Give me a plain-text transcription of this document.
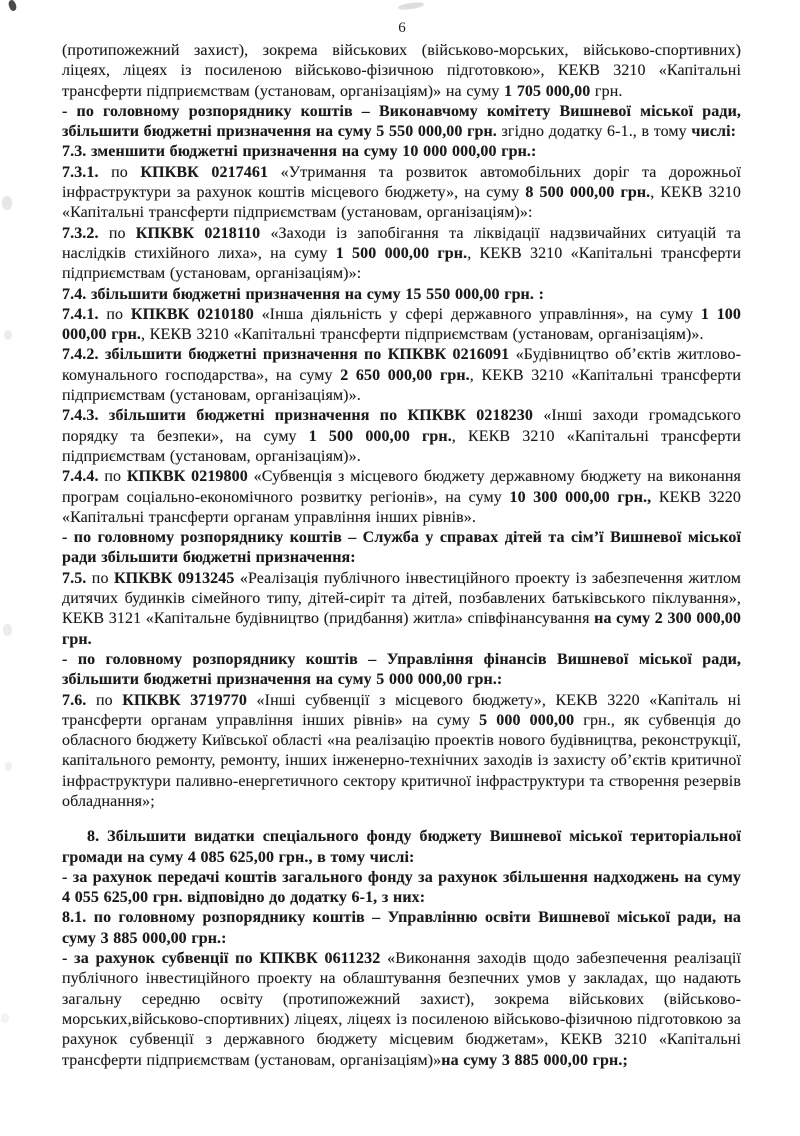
6

(протипожежний захист), зокрема військових (військово-морських, військово-спортивних) ліцеях, ліцеях із посиленою військово-фізичною підготовкою», КЕКВ 3210 «Капітальні трансферти підприємствам (установам, організаціям)» на суму 1 705 000,00 грн.

- по головному розпоряднику коштів – Виконавчому комітету Вишневої міської ради, збільшити бюджетні призначення на суму 5 550 000,00 грн. згідно додатку 6-1., в тому числі:

7.3. зменшити бюджетні призначення на суму 10 000 000,00 грн.:

7.3.1. по КПКВК 0217461 «Утримання та розвиток автомобільних доріг та дорожньої інфраструктури за рахунок коштів місцевого бюджету», на суму 8 500 000,00 грн., КЕКВ 3210 «Капітальні трансферти підприємствам (установам, організаціям)»:

7.3.2. по КПКВК 0218110 «Заходи із запобігання та ліквідації надзвичайних ситуацій та наслідків стихійного лиха», на суму 1 500 000,00 грн., КЕКВ 3210 «Капітальні трансферти підприємствам (установам, організаціям)»:

7.4. збільшити бюджетні призначення на суму 15 550 000,00 грн. :

7.4.1. по КПКВК 0210180 «Інша діяльність у сфері державного управління», на суму 1 100 000,00 грн., КЕКВ 3210 «Капітальні трансферти підприємствам (установам, організаціям)».

7.4.2. збільшити бюджетні призначення по КПКВК 0216091 «Будівництво об’єктів житлово-комунального господарства», на суму 2 650 000,00 грн., КЕКВ 3210 «Капітальні трансферти підприємствам (установам, організаціям)».

7.4.3. збільшити бюджетні призначення по КПКВК 0218230 «Інші заходи громадського порядку та безпеки», на суму 1 500 000,00 грн., КЕКВ 3210 «Капітальні трансферти підприємствам (установам, організаціям)».

7.4.4. по КПКВК 0219800 «Субвенція з місцевого бюджету державному бюджету на виконання програм соціально-економічного розвитку регіонів», на суму 10 300 000,00 грн., КЕКВ 3220 «Капітальні трансферти органам управління інших рівнів».

- по головному розпоряднику коштів – Служба у справах дітей та сім’ї Вишневої міської ради збільшити бюджетні призначення:

7.5. по КПКВК 0913245 «Реалізація публічного інвестиційного проекту із забезпечення житлом дитячих будинків сімейного типу, дітей-сиріт та дітей, позбавлених батьківського піклування», КЕКВ 3121 «Капітальне будівництво (придбання) житла» співфінансування на суму 2 300 000,00 грн.

- по головному розпоряднику коштів – Управління фінансів Вишневої міської ради, збільшити бюджетні призначення на суму 5 000 000,00 грн.:

7.6. по КПКВК 3719770 «Інші субвенції з місцевого бюджету», КЕКВ 3220 «Капіталь ні трансферти органам управління інших рівнів» на суму 5 000 000,00 грн., як субвенція до обласного бюджету Київської області «на реалізацію проектів нового будівництва, реконструкції, капітального ремонту, ремонту, інших інженерно-технічних заходів із захисту об’єктів критичної інфраструктури паливно-енергетичного сектору критичної інфраструктури та створення резервів обладнання»;

8. Збільшити видатки спеціального фонду бюджету Вишневої міської територіальної громади на суму 4 085 625,00 грн., в тому числі:

- за рахунок передачі коштів загального фонду за рахунок збільшення надходжень на суму 4 055 625,00 грн. відповідно до додатку 6-1, з них:

8.1. по головному розпоряднику коштів – Управлінню освіти Вишневої міської ради, на суму 3 885 000,00 грн.:

- за рахунок субвенції по КПКВК 0611232 «Виконання заходів щодо забезпечення реалізації публічного інвестиційного проекту на облаштування безпечних умов у закладах, що надають загальну середню освіту (протипожежний захист), зокрема військових (військово-морських,військово-спортивних) ліцеях, ліцеях із посиленою військово-фізичною підготовкою за рахунок субвенції з державного бюджету місцевим бюджетам», КЕКВ 3210 «Капітальні трансферти підприємствам (установам, організаціям)»на суму 3 885 000,00 грн.;
